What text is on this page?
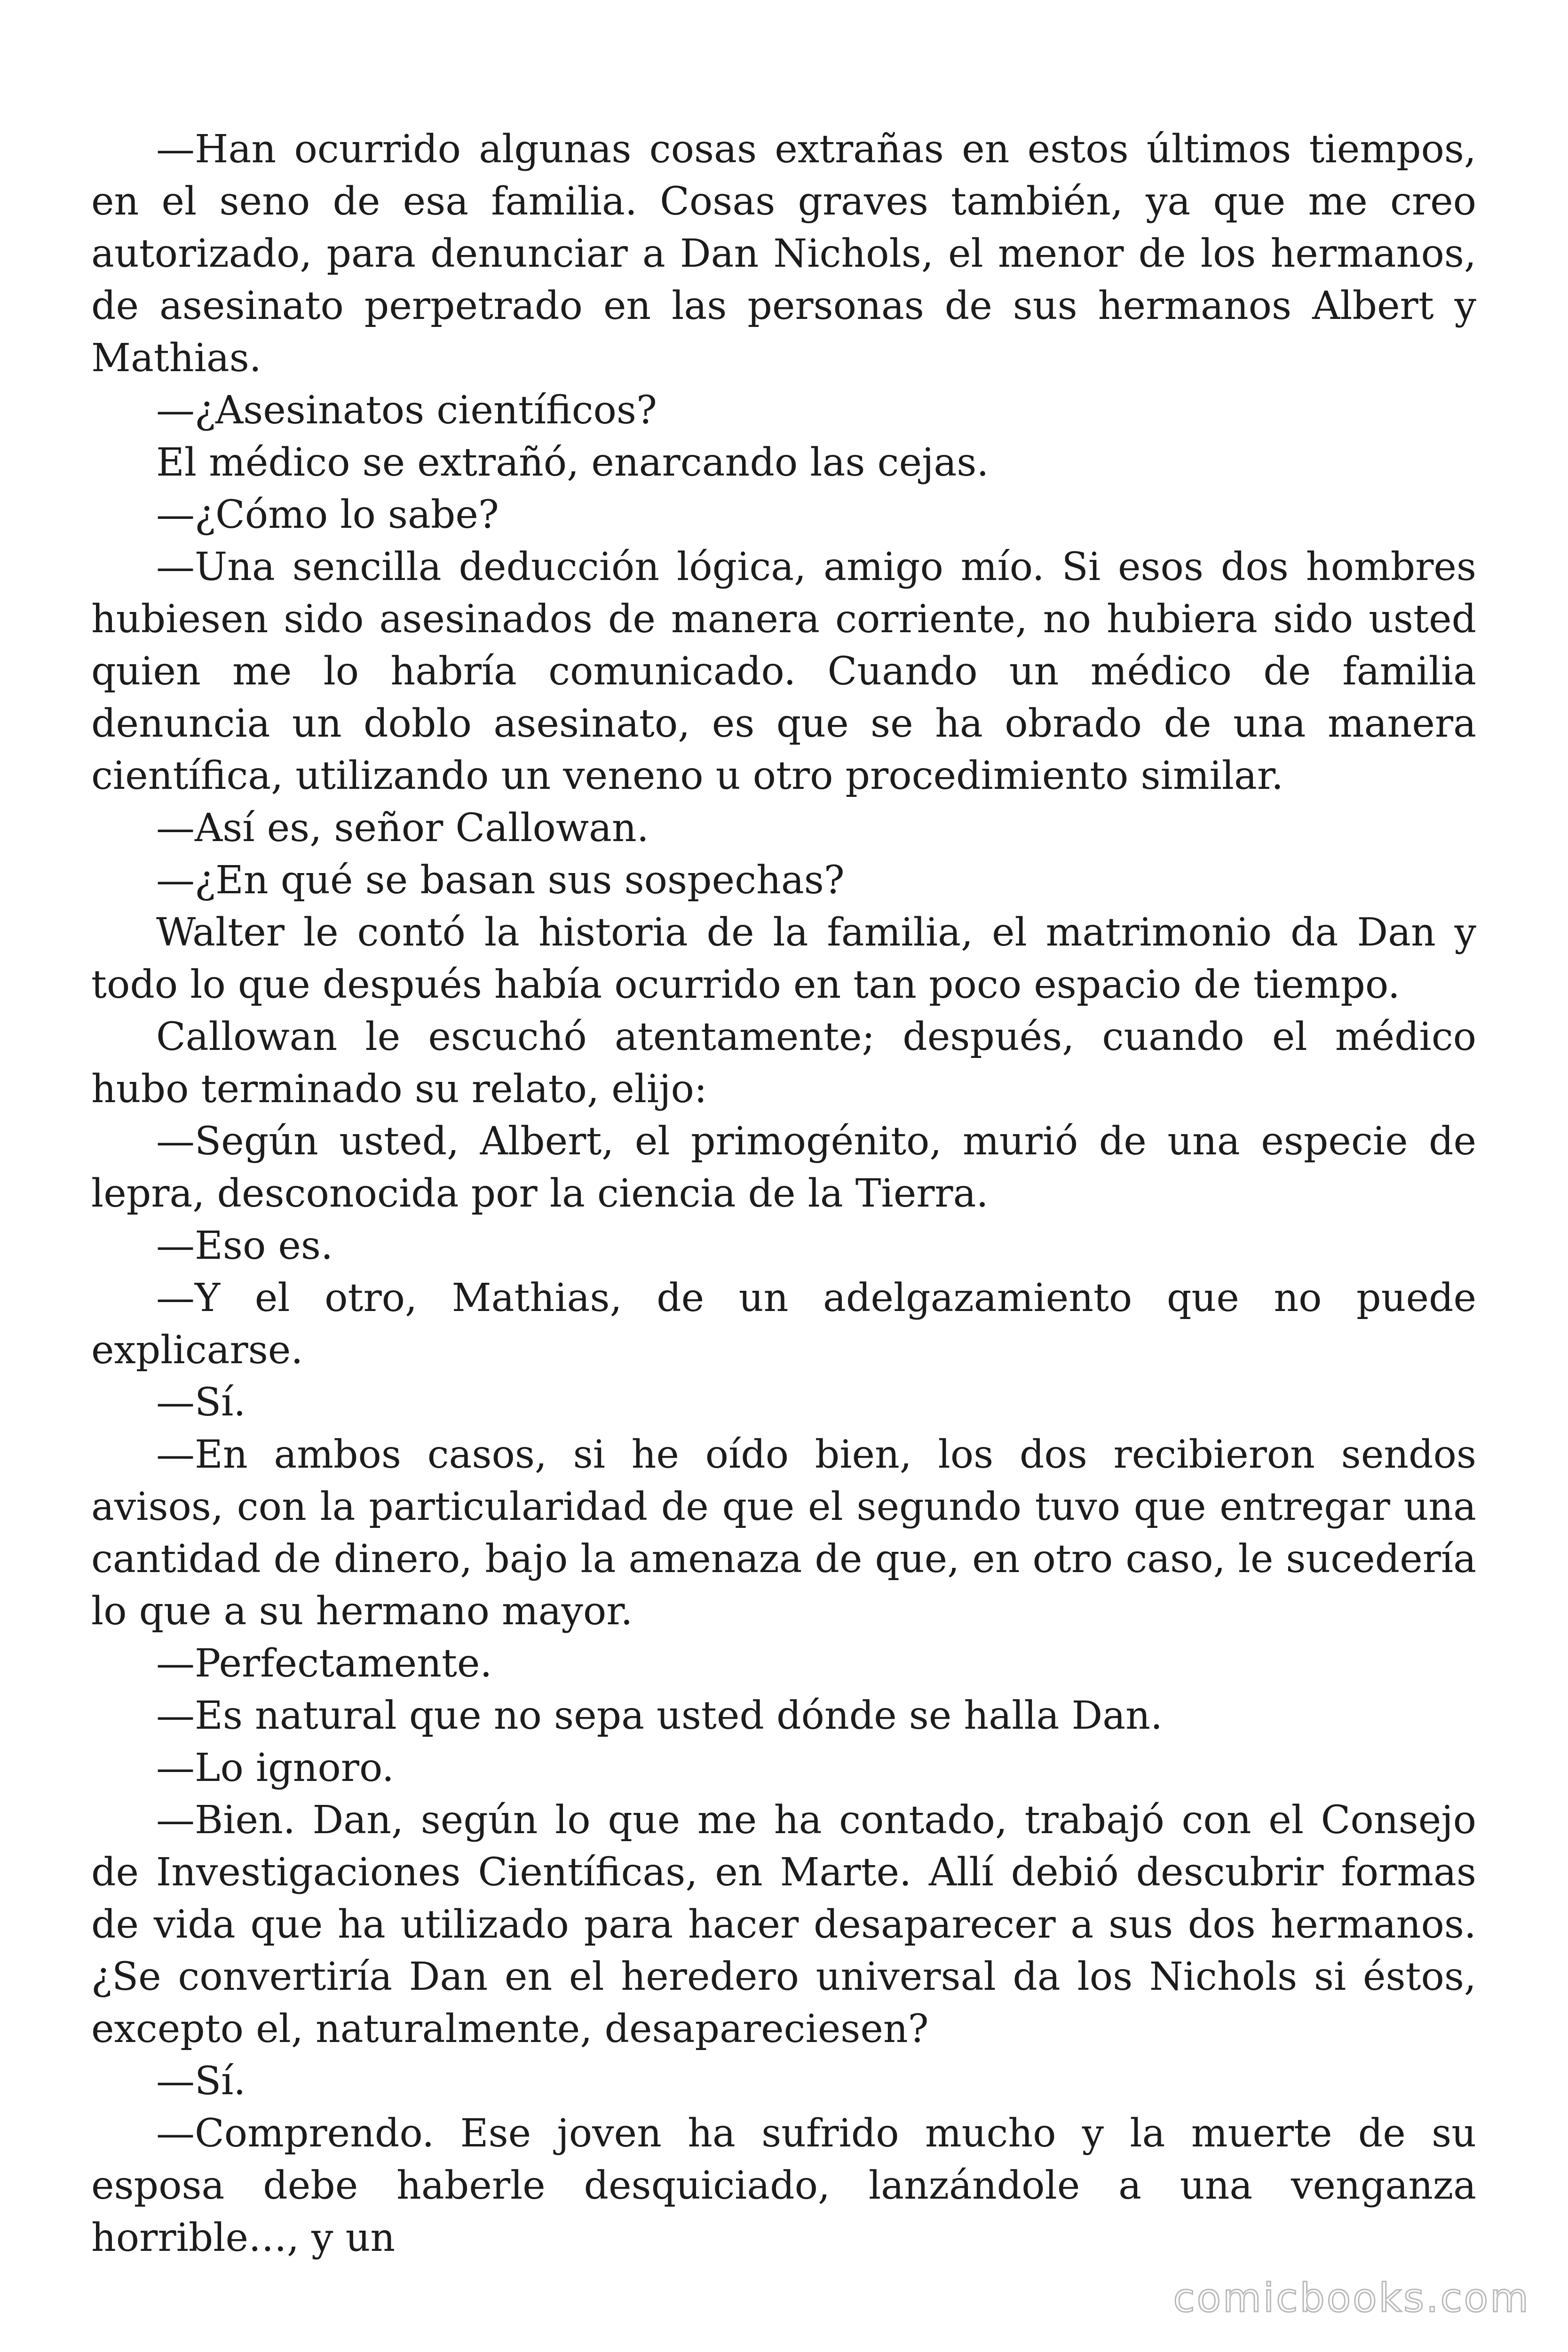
—Han ocurrido algunas cosas extrañas en estos últimos tiempos, en el seno de esa familia. Cosas graves también, ya que me creo autorizado, para denunciar a Dan Nichols, el menor de los hermanos, de asesinato perpetrado en las personas de sus hermanos Albert y Mathias.

—¿Asesinatos científicos?

El médico se extrañó, enarcando las cejas.

—¿Cómo lo sabe?

—Una sencilla deducción lógica, amigo mío. Si esos dos hombres hubiesen sido asesinados de manera corriente, no hubiera sido usted quien me lo habría comunicado. Cuando un médico de familia denuncia un doblo asesinato, es que se ha obrado de una manera científica, utilizando un veneno u otro procedimiento similar.

—Así es, señor Callowan.

—¿En qué se basan sus sospechas?

Walter le contó la historia de la familia, el matrimonio da Dan y todo lo que después había ocurrido en tan poco espacio de tiempo.

Callowan le escuchó atentamente; después, cuando el médico hubo terminado su relato, elijo:

—Según usted, Albert, el primogénito, murió de una especie de lepra, desconocida por la ciencia de la Tierra.

—Eso es.

—Y el otro, Mathias, de un adelgazamiento que no puede explicarse.

—Sí.

—En ambos casos, si he oído bien, los dos recibieron sendos avisos, con la particularidad de que el segundo tuvo que entregar una cantidad de dinero, bajo la amenaza de que, en otro caso, le sucedería lo que a su hermano mayor.

—Perfectamente.

—Es natural que no sepa usted dónde se halla Dan.

—Lo ignoro.

—Bien. Dan, según lo que me ha contado, trabajó con el Consejo de Investigaciones Científicas, en Marte. Allí debió descubrir formas de vida que ha utilizado para hacer desaparecer a sus dos hermanos. ¿Se convertiría Dan en el heredero universal da los Nichols si éstos, excepto el, naturalmente, desapareciesen?

—Sí.

—Comprendo. Ese joven ha sufrido mucho y la muerte de su esposa debe haberle desquiciado, lanzándole a una venganza horrible…, y un

comicbooks.com
